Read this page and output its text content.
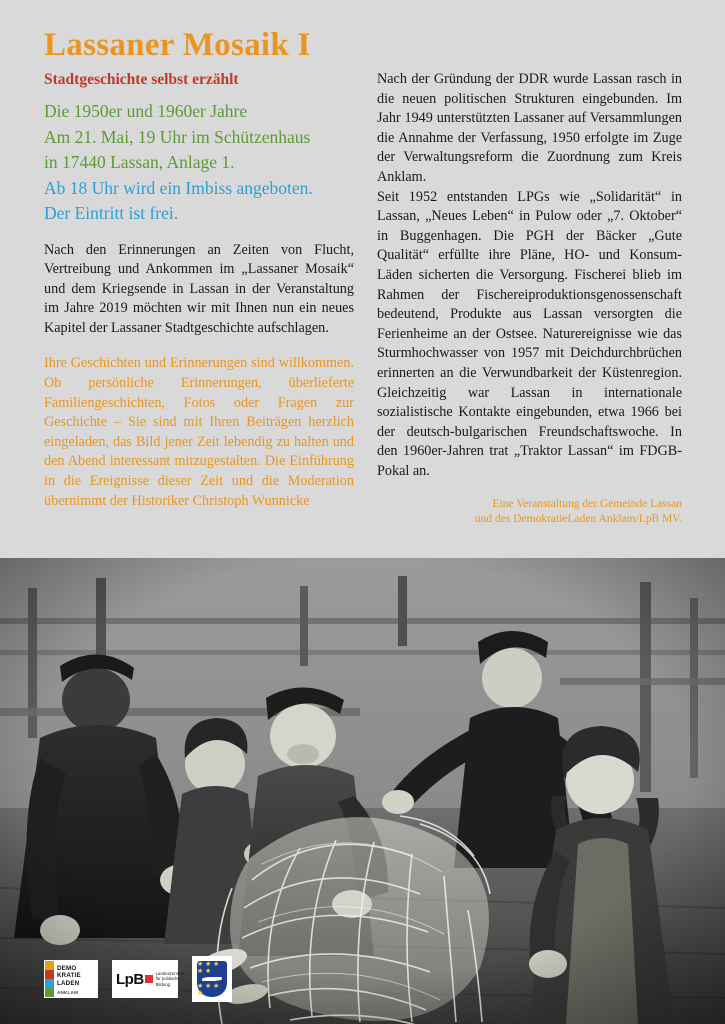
Lassaner Mosaik I
Stadtgeschichte selbst erzählt
Die 1950er und 1960er Jahre
Am 21. Mai, 19 Uhr im Schützenhaus
in 17440 Lassan, Anlage 1.
Ab 18 Uhr wird ein Imbiss angeboten.
Der Eintritt ist frei.

Nach den Erinnerungen an Zeiten von Flucht, Vertreibung und Ankommen im „Lassaner Mosaik“ und dem Kriegsende in Lassan in der Veranstaltung im Jahre 2019 möchten wir mit Ihnen nun ein neues Kapitel der Lassaner Stadtgeschichte aufschlagen.

Ihre Geschichten und Erinnerungen sind willkommen. Ob persönliche Erinnerungen, überlieferte Familiengeschichten, Fotos oder Fragen zur Geschichte – Sie sind mit Ihren Beiträgen herzlich eingeladen, das Bild jener Zeit lebendig zu halten und den Abend interessant mitzugestalten. Die Einführung in die Ereignisse dieser Zeit und die Moderation übernimmt der Historiker Christoph Wunnicke

Nach der Gründung der DDR wurde Lassan rasch in die neuen politischen Strukturen eingebunden. Im Jahr 1949 unterstützten Lassaner auf Versammlungen die Annahme der Verfassung, 1950 erfolgte im Zuge der Verwaltungsreform die Zuordnung zum Kreis Anklam.

Seit 1952 entstanden LPGs wie „Solidarität“ in Lassan, „Neues Leben“ in Pulow oder „7. Oktober“ in Buggenhagen. Die PGH der Bäcker „Gute Qualität“ erfüllte ihre Pläne, HO- und Konsum-Läden sicherten die Versorgung. Fischerei blieb im Rahmen der Fischereiproduktionsgenossenschaft bedeutend, Produkte aus Lassan versorgten die Ferienheime an der Ostsee. Naturereignisse wie das Sturmhochwasser von 1957 mit Deichdurchbrüchen erinnerten an die Verwundbarkeit der Küstenregion. Gleichzeitig war Lassan in internationale sozialistische Kontakte eingebunden, etwa 1966 bei der deutsch-bulgarischen Freundschaftswoche. In den 1960er-Jahren trat „Traktor Lassan“ im FDGB-Pokal an.

Eine Veranstaltung der Gemeinde Lassan
und des DemokratieLaden Anklam/LpB MV.
DEMO
KRATIE
LADEN
ANKLAM
LpB	Landeszentrale
für politische Bildung
★ ★ ★ ★ ★
★ ★ ★ ★
